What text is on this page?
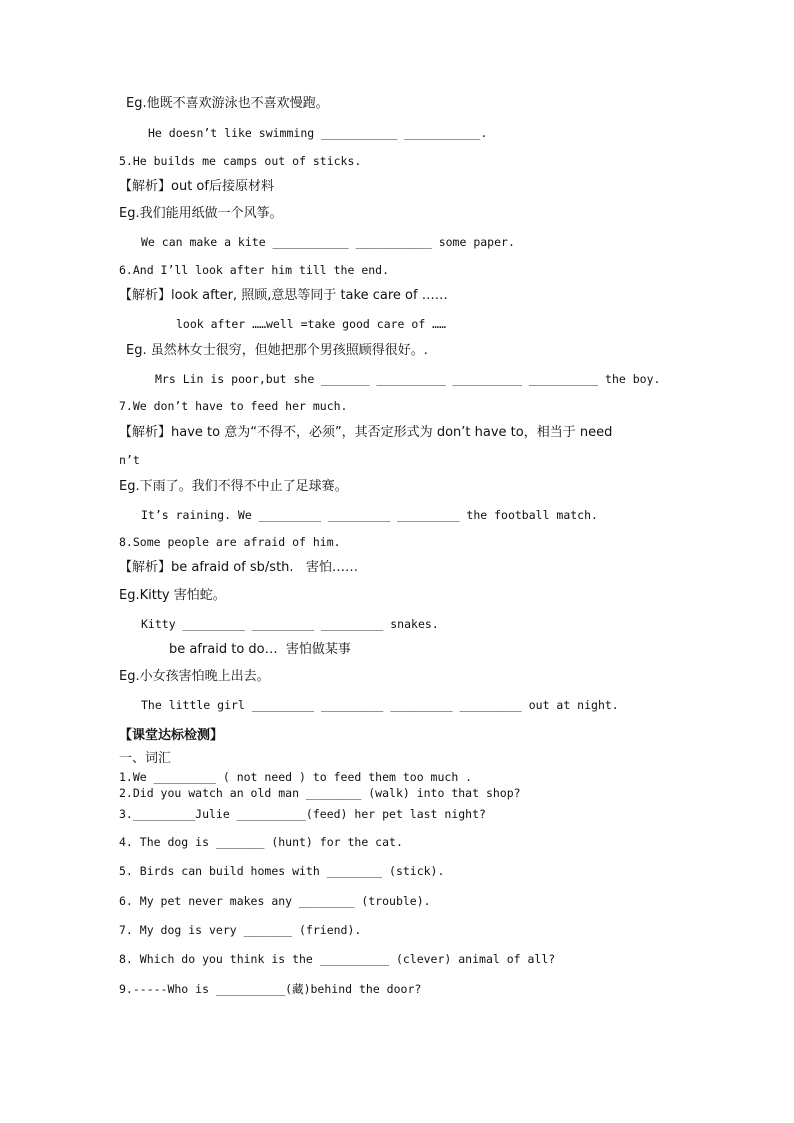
Eg.他既不喜欢游泳也不喜欢慢跑。
He doesn’t like swimming ___________ ___________.
5.He builds me camps out of sticks.
【解析】out of后接原材料
Eg.我们能用纸做一个风筝。
We can make a kite ___________ ___________ some paper.
6.And I’ll look after him till the end.
【解析】look after, 照顾,意思等同于 take care of ……
look after ……well =take good care of ……
Eg. 虽然林女士很穷，但她把那个男孩照顾得很好。.
Mrs Lin is poor,but she _______ __________ __________ __________ the boy.
7.We don’t have to feed her much.
【解析】have to 意为“不得不，必须”，其否定形式为 don’t have to，相当于 need
n’t
Eg.下雨了。我们不得不中止了足球赛。
It’s raining. We _________ _________ _________ the football match.
8.Some people are afraid of him.
【解析】be afraid of sb/sth.   害怕……
Eg.Kitty 害怕蛇。
Kitty _________ _________ _________ snakes.
be afraid to do…  害怕做某事
Eg.小女孩害怕晚上出去。
The little girl _________ _________ _________ _________ out at night.
【课堂达标检测】
一、词汇
1.We _________ ( not need ) to feed them too much .
2.Did you watch an old man ________ (walk) into that shop?
3._________Julie __________(feed) her pet last night?
4. The dog is _______ (hunt) for the cat.
5. Birds can build homes with ________ (stick).
6. My pet never makes any ________ (trouble).
7. My dog is very _______ (friend).
8. Which do you think is the __________ (clever) animal of all?
9.-----Who is __________(藏)behind the door?
